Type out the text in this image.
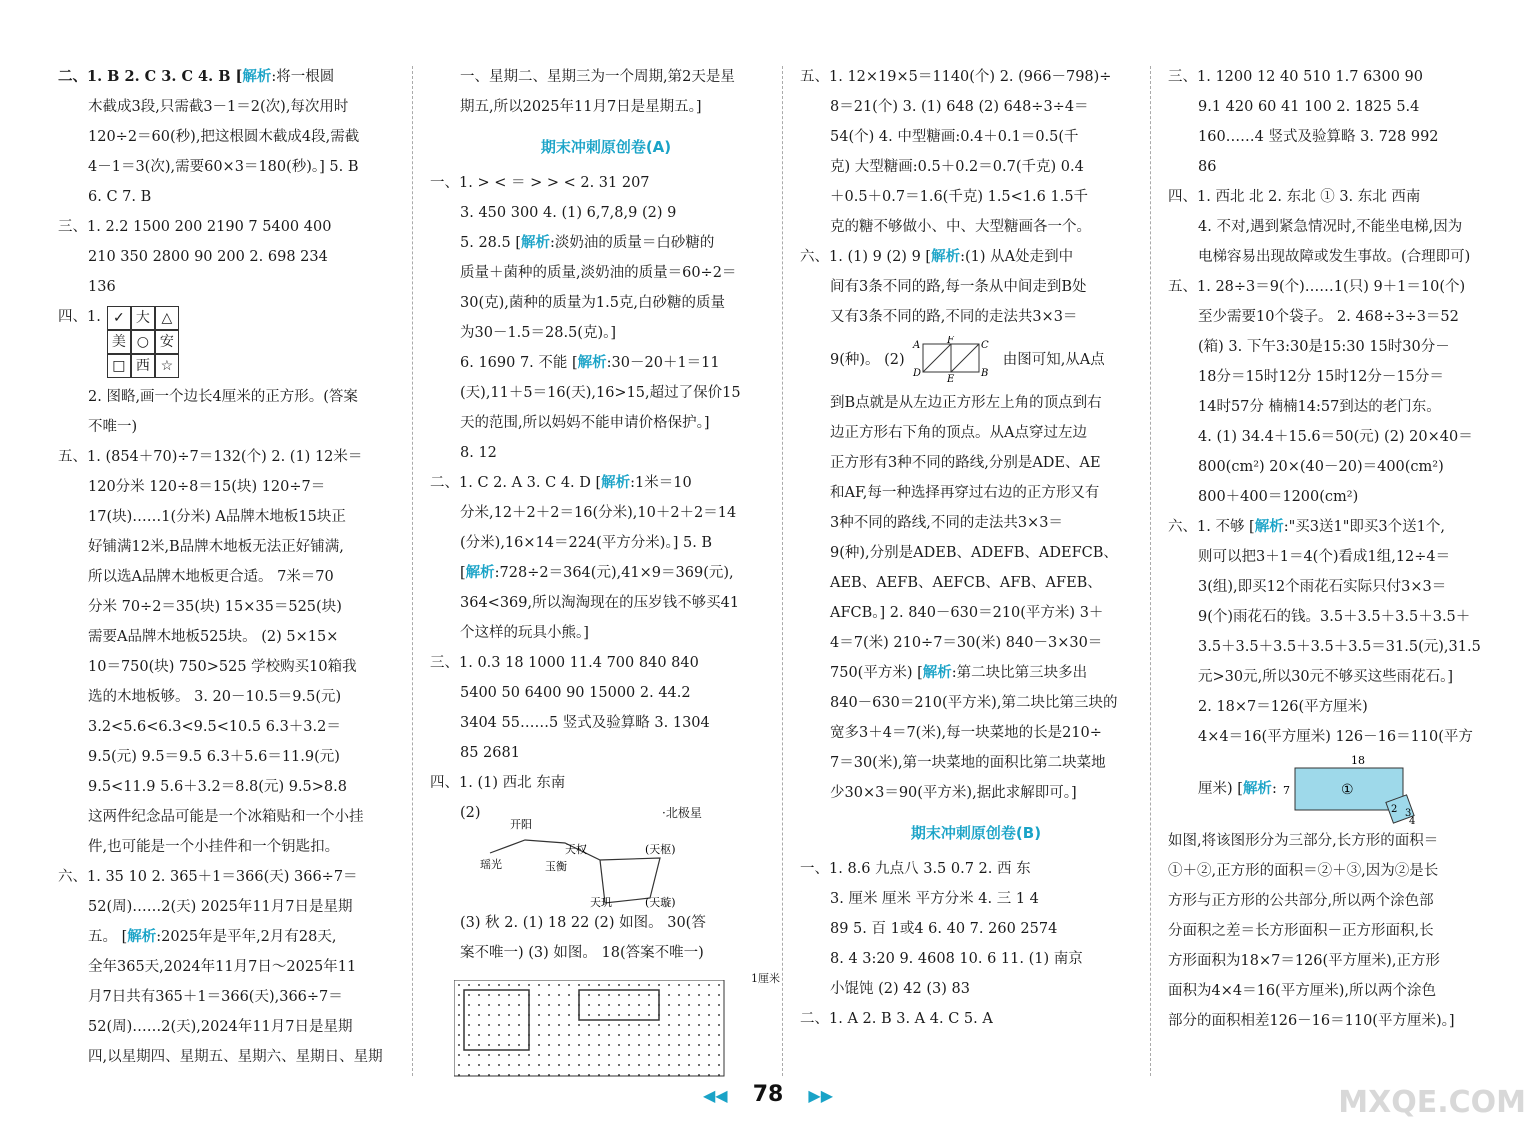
二、1. B 2. C 3. C 4. B [解析:将一根圆

木截成3段,只需截3－1＝2(次),每次用时

120÷2＝60(秒),把这根圆木截成4段,需截

4－1＝3(次),需要60×3＝180(秒)。] 5. B

6. C 7. B

三、1. 2.2 1500 200 2190 7 5400 400

210 350 2800 90 200 2. 698 234

136

四、1. ✓ 大 △
美 ○ 安
□ 西 ☆

2. 图略,画一个边长4厘米的正方形。(答案

不唯一)

五、1. (854＋70)÷7＝132(个) 2. (1) 12米＝

120分米 120÷8＝15(块) 120÷7＝

17(块)……1(分米) A品牌木地板15块正

好铺满12米,B品牌木地板无法正好铺满,

所以选A品牌木地板更合适。 7米＝70

分米 70÷2＝35(块) 15×35＝525(块)

需要A品牌木地板525块。 (2) 5×15×

10＝750(块) 750>525 学校购买10箱我

选的木地板够。 3. 20－10.5＝9.5(元)

3.2<5.6<6.3<9.5<10.5 6.3＋3.2＝

9.5(元) 9.5＝9.5 6.3＋5.6＝11.9(元)

9.5<11.9 5.6＋3.2＝8.8(元) 9.5>8.8

这两件纪念品可能是一个冰箱贴和一个小挂

件,也可能是一个小挂件和一个钥匙扣。

六、1. 35 10 2. 365＋1＝366(天) 366÷7＝

52(周)……2(天) 2025年11月7日是星期

五。 [解析:2025年是平年,2月有28天,

全年365天,2024年11月7日～2025年11

月7日共有365＋1＝366(天),366÷7＝

52(周)……2(天),2024年11月7日是星期

四,以星期四、星期五、星期六、星期日、星期

一、星期二、星期三为一个周期,第2天是星

期五,所以2025年11月7日是星期五。]

期末冲刺原创卷(A)

一、1. > < ＝ > > < 2. 31 207

3. 450 300 4. (1) 6,7,8,9 (2) 9

5. 28.5 [解析:淡奶油的质量＝白砂糖的

质量＋菌种的质量,淡奶油的质量＝60÷2＝

30(克),菌种的质量为1.5克,白砂糖的质量

为30－1.5＝28.5(克)。]

6. 1690 7. 不能 [解析:30－20＋1＝11

(天),11＋5＝16(天),16>15,超过了保价15

天的范围,所以妈妈不能申请价格保护。]

8. 12

二、1. C 2. A 3. C 4. D [解析:1米＝10

分米,12＋2＋2＝16(分米),10＋2＋2＝14

(分米),16×14＝224(平方分米)。] 5. B

[解析:728÷2＝364(元),41×9＝369(元),

364<369,所以淘淘现在的压岁钱不够买41

个这样的玩具小熊。]

三、1. 0.3 18 1000 11.4 700 840 840

5400 50 6400 90 15000 2. 44.2

3404 55……5 竖式及验算略 3. 1304

85 2681

四、1. (1) 西北 东南

(2)	·北极星
开阳
天权	(天枢)
瑶光	玉衡
天玑	(天璇)

(3) 秋 2. (1) 18 22 (2) 如图。 30(答

案不唯一) (3) 如图。 18(答案不唯一)

1厘米

五、1. 12×19×5＝1140(个) 2. (966－798)÷

8＝21(个) 3. (1) 648 (2) 648÷3÷4＝

54(个) 4. 中型糖画:0.4＋0.1＝0.5(千

克) 大型糖画:0.5＋0.2＝0.7(千克) 0.4

＋0.5＋0.7＝1.6(千克) 1.5<1.6 1.5千

克的糖不够做小、中、大型糖画各一个。

六、1. (1) 9 (2) 9 [解析:(1) 从A处走到中

间有3条不同的路,每一条从中间走到B处

又有3条不同的路,不同的走法共3×3＝

9(种)。 (2)
A	F	C
D
E
B
由图可知,从A点

到B点就是从左边正方形左上角的顶点到右

边正方形右下角的顶点。从A点穿过左边

正方形有3种不同的路线,分别是ADE、AE

和AF,每一种选择再穿过右边的正方形又有

3种不同的路线,不同的走法共3×3＝

9(种),分别是ADEB、ADEFB、ADEFCB、

AEB、AEFB、AEFCB、AFB、AFEB、

AFCB。] 2. 840－630＝210(平方米) 3＋

4＝7(米) 210÷7＝30(米) 840－3×30＝

750(平方米) [解析:第二块比第三块多出

840－630＝210(平方米),第二块比第三块的

宽多3＋4＝7(米),每一块菜地的长是210÷

7＝30(米),第一块菜地的面积比第二块菜地

少30×3＝90(平方米),据此求解即可。]

期末冲刺原创卷(B)

一、1. 8.6 九点八 3.5 0.7 2. 西 东

3. 厘米 厘米 平方分米 4. 三 1 4

89 5. 百 1或4 6. 40 7. 260 2574

8. 4 3:20 9. 4608 10. 6 11. (1) 南京

小馄饨 (2) 42 (3) 83

二、1. A 2. B 3. A 4. C 5. A

三、1. 1200 12 40 510 1.7 6300 90

9.1 420 60 41 100 2. 1825 5.4

160……4 竖式及验算略 3. 728 992

86

四、1. 西北 北 2. 东北 ① 3. 东北 西南

4. 不对,遇到紧急情况时,不能坐电梯,因为

电梯容易出现故障或发生事故。(合理即可)

五、1. 28÷3＝9(个)……1(只) 9＋1＝10(个)

至少需要10个袋子。 2. 468÷3÷3＝52

(箱) 3. 下午3:30是15:30 15时30分－

18分＝15时12分 15时12分－15分＝

14时57分 楠楠14:57到达的老门东。

4. (1) 34.4＋15.6＝50(元) (2) 20×40＝

800(cm²) 20×(40－20)＝400(cm²)

800＋400＝1200(cm²)

六、1. 不够 [解析:"买3送1"即买3个送1个,

则可以把3＋1＝4(个)看成1组,12÷4＝

3(组),即买12个雨花石实际只付3×3＝

9(个)雨花石的钱。3.5＋3.5＋3.5＋3.5＋

3.5＋3.5＋3.5＋3.5＋3.5＝31.5(元),31.5

元>30元,所以30元不够买这些雨花石。]

2. 18×7＝126(平方厘米)

4×4＝16(平方厘米) 126－16＝110(平方

厘米) [解析:
18
7	①
2 3
4

如图,将该图形分为三部分,长方形的面积＝

①＋②,正方形的面积＝②＋③,因为②是长

方形与正方形的公共部分,所以两个涂色部

分面积之差＝长方形面积－正方形面积,长

方形面积为18×7＝126(平方厘米),正方形

面积为4×4＝16(平方厘米),所以两个涂色

部分的面积相差126－16＝110(平方厘米)。]

◀◀ 78 ▶▶	MXQE.COM
